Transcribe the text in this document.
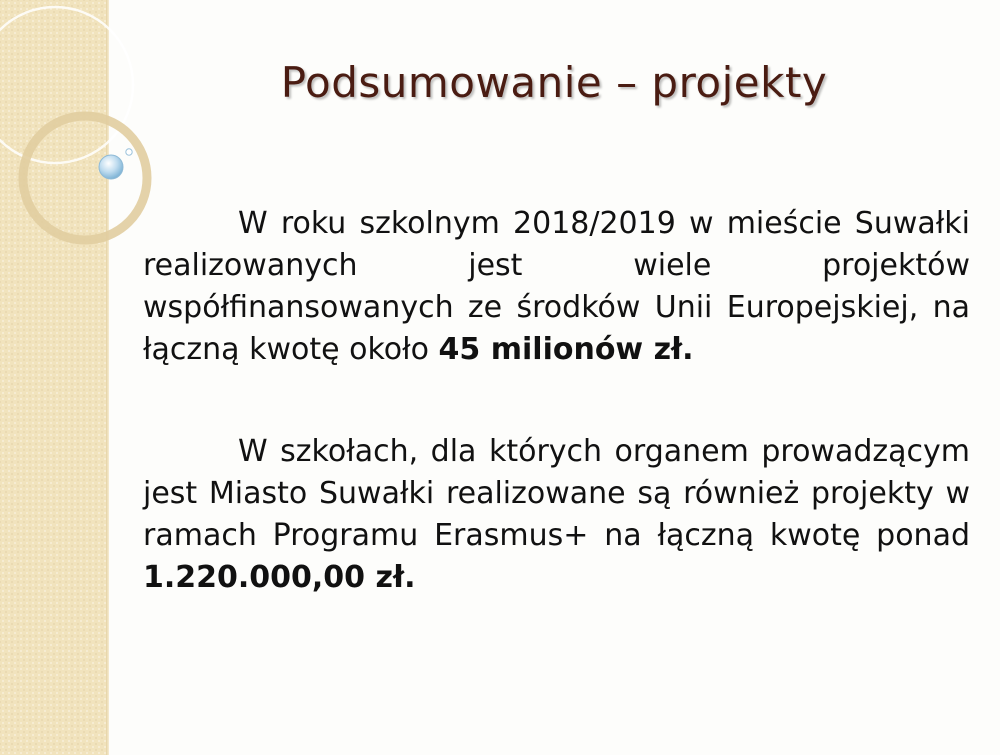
Podsumowanie – projekty

W roku szkolnym 2018/2019 w mieście Suwałki realizowanych jest wiele projektów współfinansowanych ze środków Unii Europejskiej, na łączną kwotę około 45 milionów zł.

W szkołach, dla których organem prowadzącym jest Miasto Suwałki realizowane są również projekty w ramach Programu Erasmus+ na łączną kwotę ponad 1.220.000,00 zł.
